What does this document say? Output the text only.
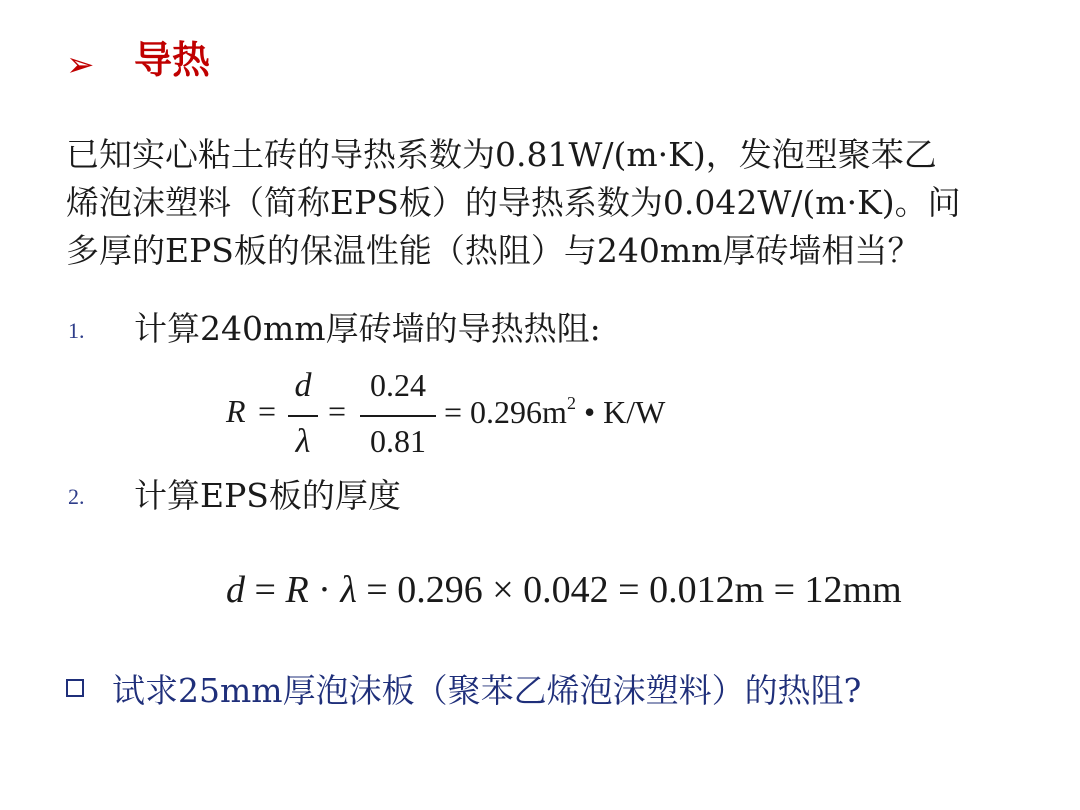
➢ 导热
已知实心粘土砖的导热系数为0.81W/(m·K)，发泡型聚苯乙
烯泡沫塑料（简称EPS板）的导热系数为0.042W/(m·K)。问
多厚的EPS板的保温性能（热阻）与240mm厚砖墙相当？
1. 计算240mm厚砖墙的导热热阻:
R =
d
λ
=
0.24
0.81
= $0.296m^2$ • K/W
2. 计算EPS板的厚度
d = R · λ = 0.296 × 0.042 = 0.012m = 12mm
试求25mm厚泡沫板（聚苯乙烯泡沫塑料）的热阻?
